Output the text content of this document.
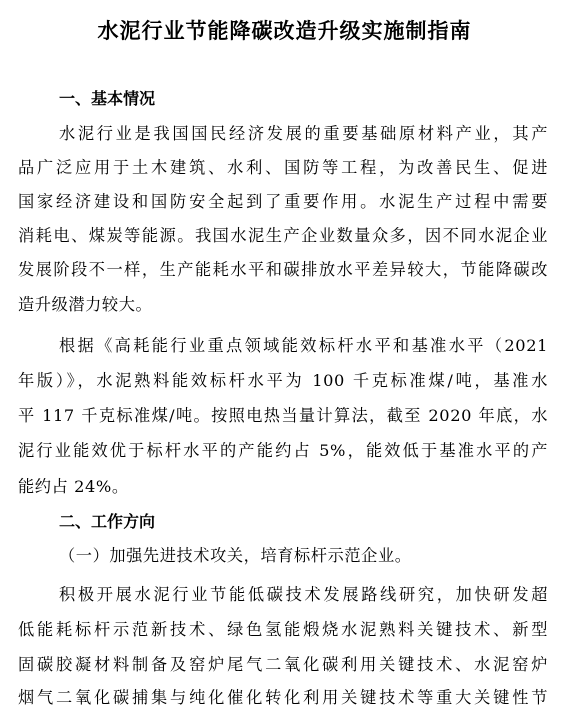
水泥行业节能降碳改造升级实施制指南
一、基本情况
水泥行业是我国国民经济发展的重要基础原材料产业，其产
品广泛应用于土木建筑、水利、国防等工程，为改善民生、促进
国家经济建设和国防安全起到了重要作用。水泥生产过程中需要
消耗电、煤炭等能源。我国水泥生产企业数量众多，因不同水泥企业
发展阶段不一样，生产能耗水平和碳排放水平差异较大，节能降碳改
造升级潜力较大。
根据《高耗能行业重点领域能效标杆水平和基准水平（2021
年版）》，水泥熟料能效标杆水平为 100 千克标准煤/吨，基准水
平 117 千克标准煤/吨。按照电热当量计算法，截至 2020 年底，水
泥行业能效优于标杆水平的产能约占 5%，能效低于基准水平的产
能约占 24%。
二、工作方向
（一）加强先进技术攻关，培育标杆示范企业。
积极开展水泥行业节能低碳技术发展路线研究，加快研发超
低能耗标杆示范新技术、绿色氢能煅烧水泥熟料关键技术、新型
固碳胶凝材料制备及窑炉尾气二氧化碳利用关键技术、水泥窑炉
烟气二氧化碳捕集与纯化催化转化利用关键技术等重大关键性节
